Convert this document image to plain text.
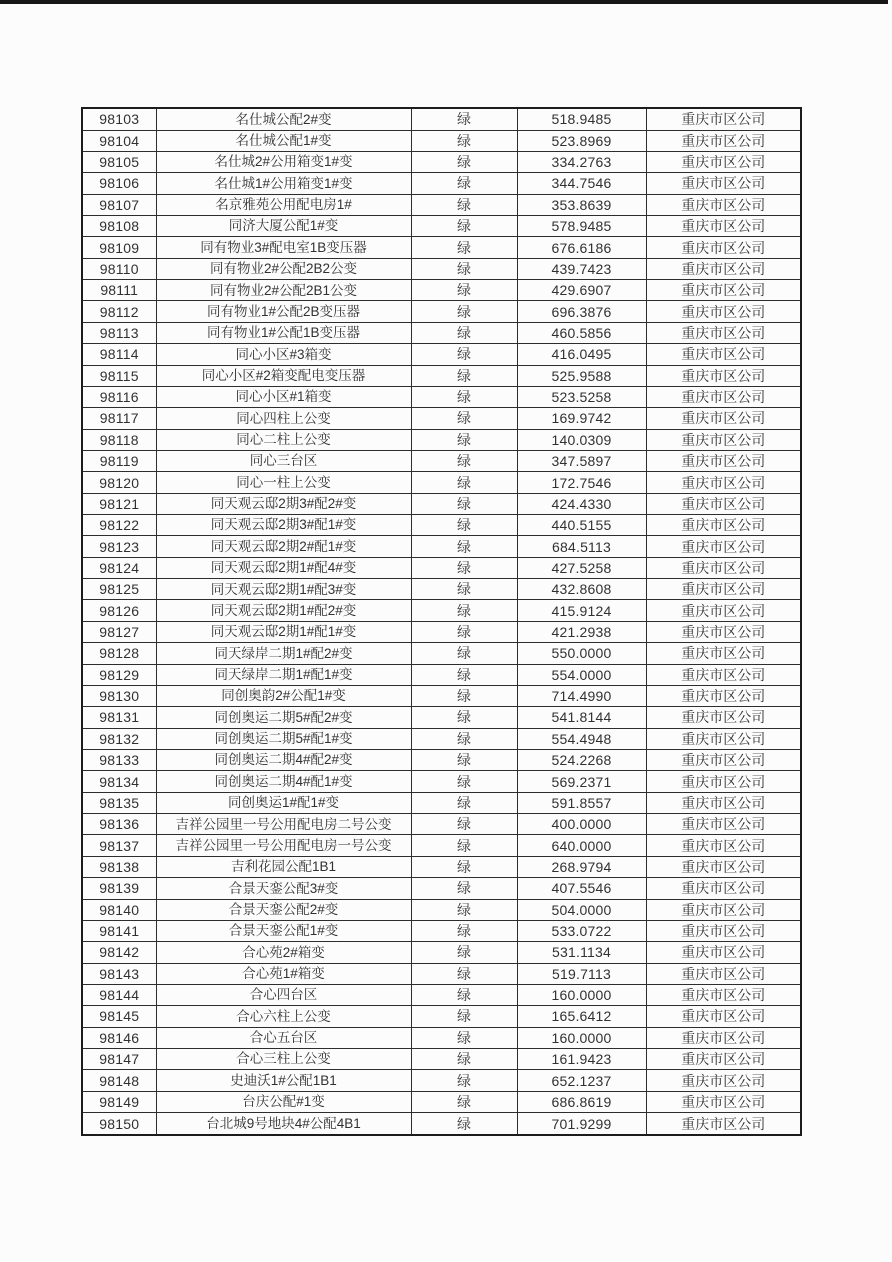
98103	名仕城公配2#变	绿	518.9485	重庆市区公司
98104	名仕城公配1#变	绿	523.8969	重庆市区公司
98105	名仕城2#公用箱变1#变	绿	334.2763	重庆市区公司
98106	名仕城1#公用箱变1#变	绿	344.7546	重庆市区公司
98107	名京雅苑公用配电房1#	绿	353.8639	重庆市区公司
98108	同济大厦公配1#变	绿	578.9485	重庆市区公司
98109	同有物业3#配电室1B变压器	绿	676.6186	重庆市区公司
98110	同有物业2#公配2B2公变	绿	439.7423	重庆市区公司
98111	同有物业2#公配2B1公变	绿	429.6907	重庆市区公司
98112	同有物业1#公配2B变压器	绿	696.3876	重庆市区公司
98113	同有物业1#公配1B变压器	绿	460.5856	重庆市区公司
98114	同心小区#3箱变	绿	416.0495	重庆市区公司
98115	同心小区#2箱变配电变压器	绿	525.9588	重庆市区公司
98116	同心小区#1箱变	绿	523.5258	重庆市区公司
98117	同心四柱上公变	绿	169.9742	重庆市区公司
98118	同心二柱上公变	绿	140.0309	重庆市区公司
98119	同心三台区	绿	347.5897	重庆市区公司
98120	同心一柱上公变	绿	172.7546	重庆市区公司
98121	同天观云邸2期3#配2#变	绿	424.4330	重庆市区公司
98122	同天观云邸2期3#配1#变	绿	440.5155	重庆市区公司
98123	同天观云邸2期2#配1#变	绿	684.5113	重庆市区公司
98124	同天观云邸2期1#配4#变	绿	427.5258	重庆市区公司
98125	同天观云邸2期1#配3#变	绿	432.8608	重庆市区公司
98126	同天观云邸2期1#配2#变	绿	415.9124	重庆市区公司
98127	同天观云邸2期1#配1#变	绿	421.2938	重庆市区公司
98128	同天绿岸二期1#配2#变	绿	550.0000	重庆市区公司
98129	同天绿岸二期1#配1#变	绿	554.0000	重庆市区公司
98130	同创奥韵2#公配1#变	绿	714.4990	重庆市区公司
98131	同创奥运二期5#配2#变	绿	541.8144	重庆市区公司
98132	同创奥运二期5#配1#变	绿	554.4948	重庆市区公司
98133	同创奥运二期4#配2#变	绿	524.2268	重庆市区公司
98134	同创奥运二期4#配1#变	绿	569.2371	重庆市区公司
98135	同创奥运1#配1#变	绿	591.8557	重庆市区公司
98136	吉祥公园里一号公用配电房二号公变	绿	400.0000	重庆市区公司
98137	吉祥公园里一号公用配电房一号公变	绿	640.0000	重庆市区公司
98138	吉利花园公配1B1	绿	268.9794	重庆市区公司
98139	合景天銮公配3#变	绿	407.5546	重庆市区公司
98140	合景天銮公配2#变	绿	504.0000	重庆市区公司
98141	合景天銮公配1#变	绿	533.0722	重庆市区公司
98142	合心苑2#箱变	绿	531.1134	重庆市区公司
98143	合心苑1#箱变	绿	519.7113	重庆市区公司
98144	合心四台区	绿	160.0000	重庆市区公司
98145	合心六柱上公变	绿	165.6412	重庆市区公司
98146	合心五台区	绿	160.0000	重庆市区公司
98147	合心三柱上公变	绿	161.9423	重庆市区公司
98148	史迪沃1#公配1B1	绿	652.1237	重庆市区公司
98149	台庆公配#1变	绿	686.8619	重庆市区公司
98150	台北城9号地块4#公配4B1	绿	701.9299	重庆市区公司
